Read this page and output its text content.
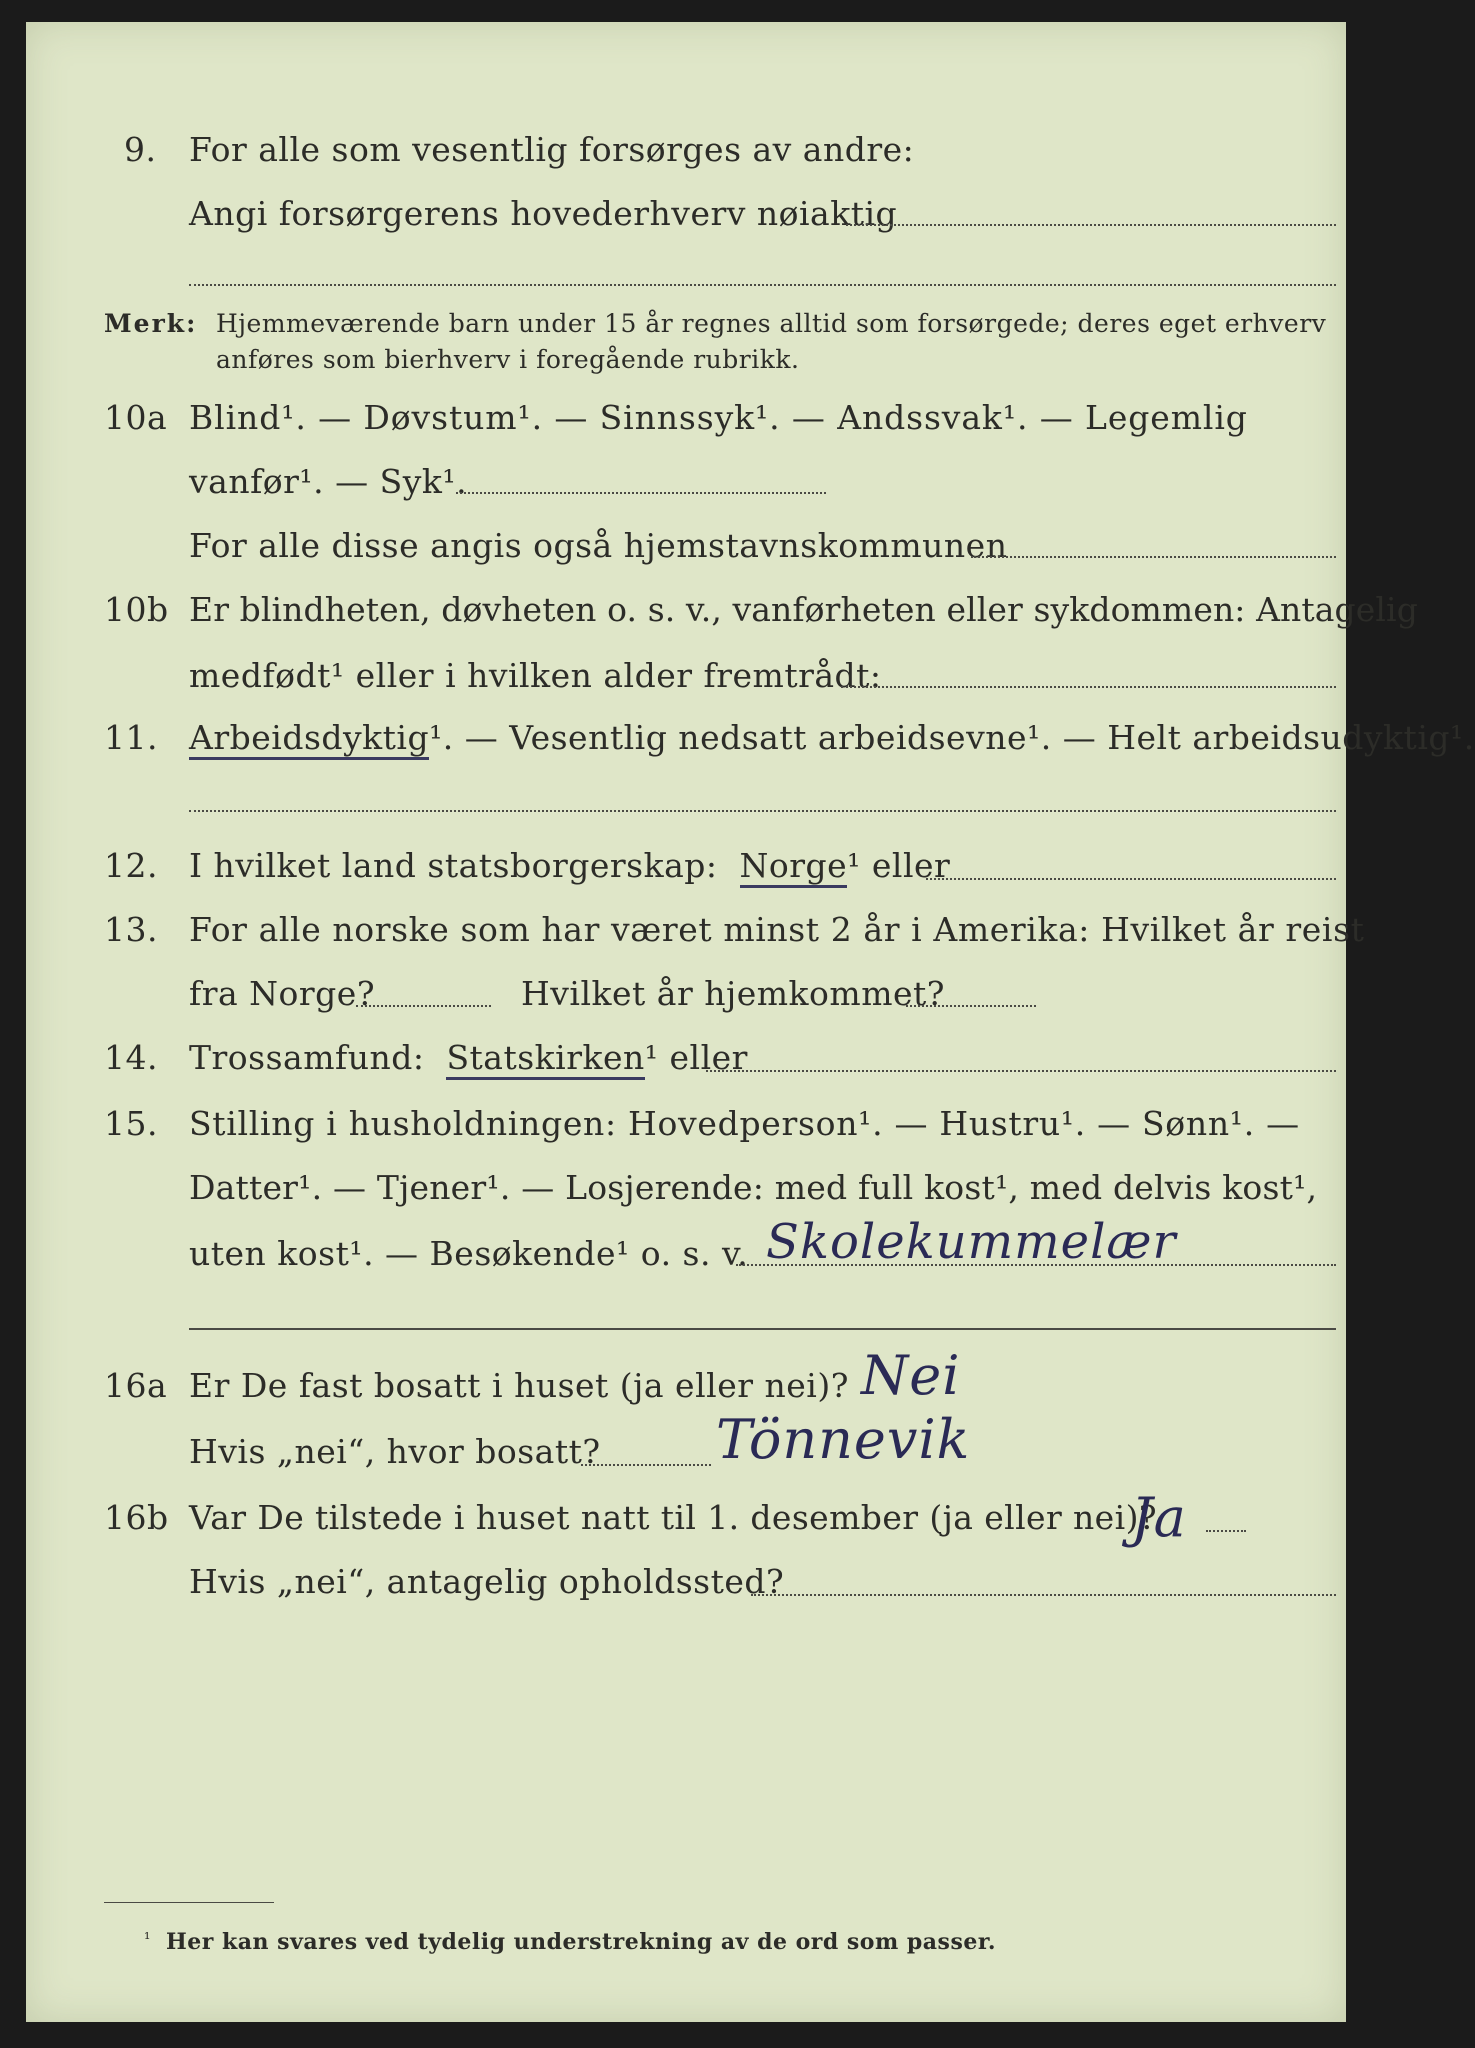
9. For alle som vesentlig forsørges av andre:
Angi forsørgerens hovederhverv nøiaktig
Merk: Hjemmeværende barn under 15 år regnes alltid som forsørgede; deres eget erhverv
anføres som bierhverv i foregående rubrikk.
10a Blind¹. — Døvstum¹. — Sinnssyk¹. — Andssvak¹. — Legemlig
vanfør¹. — Syk¹.
For alle disse angis også hjemstavnskommunen
10b Er blindheten, døvheten o. s. v., vanførheten eller sykdommen: Antagelig
medfødt¹ eller i hvilken alder fremtrådt:
11. Arbeidsdyktig¹. — Vesentlig nedsatt arbeidsevne¹. — Helt arbeidsudyktig¹.
12. I hvilket land statsborgerskap: Norge¹ eller
13. For alle norske som har været minst 2 år i Amerika: Hvilket år reist
fra Norge?	Hvilket år hjemkommet?
14. Trossamfund: Statskirken¹ eller
15. Stilling i husholdningen: Hovedperson¹. — Hustru¹. — Sønn¹. —
Datter¹. — Tjener¹. — Losjerende: med full kost¹, med delvis kost¹,
uten kost¹. — Besøkende¹ o. s. v. Skolekummelær
16a Er De fast bosatt i huset (ja eller nei)? Nei
Hvis „nei“, hvor bosatt? Tönnevik
16b Var De tilstede i huset natt til 1. desember (ja eller nei)?
Ja
Hvis „nei“, antagelig opholdssted?
¹ Her kan svares ved tydelig understrekning av de ord som passer.
